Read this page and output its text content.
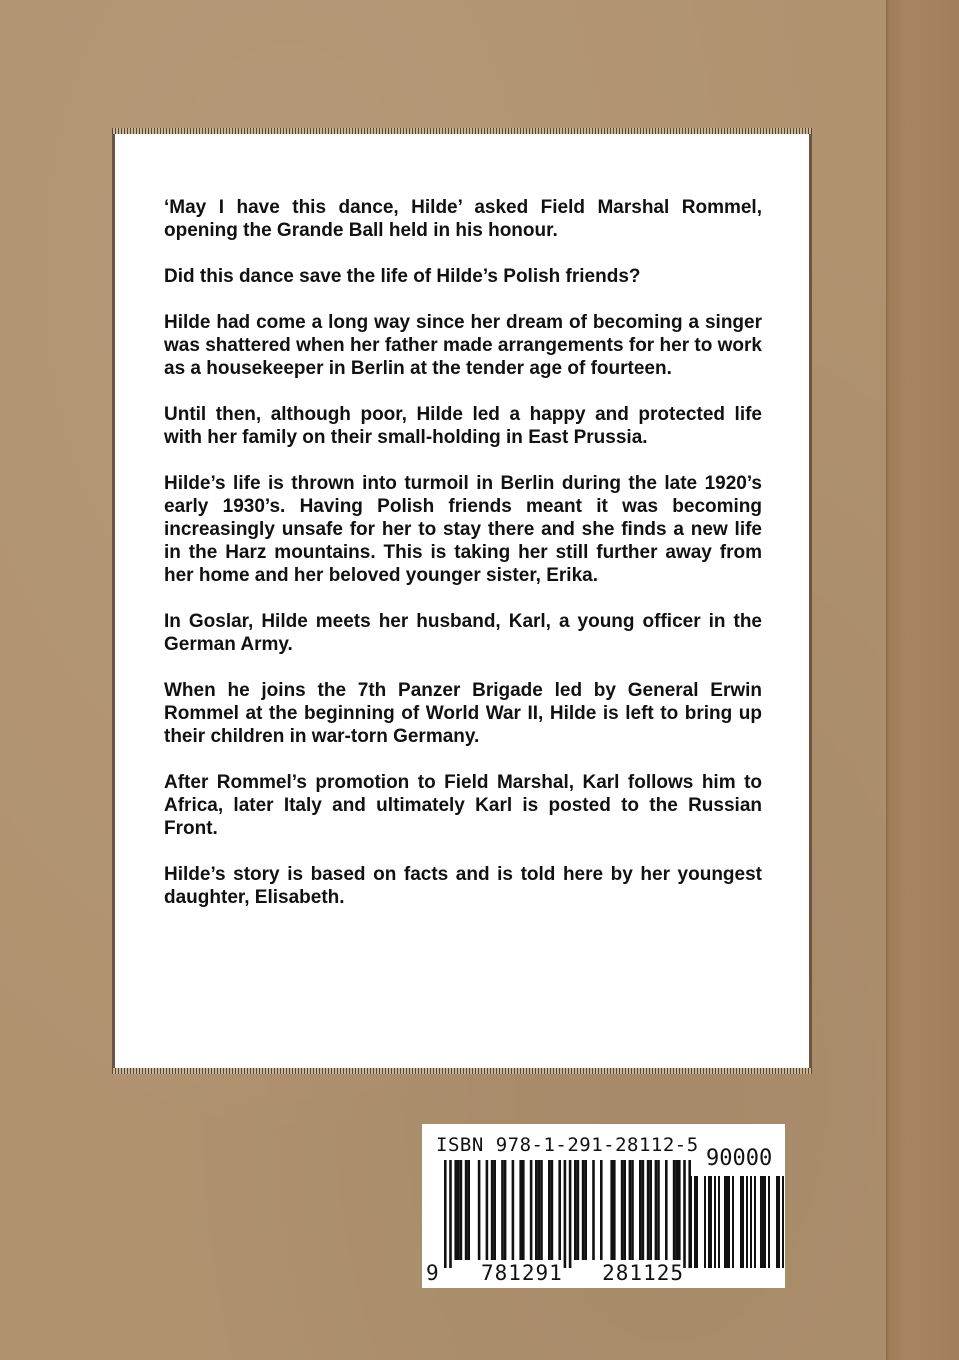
‘May I have this dance, Hilde’ asked Field Marshal Rommel, opening the Grande Ball held in his honour.

Did this dance save the life of Hilde’s Polish friends?

Hilde had come a long way since her dream of becoming a singer was shattered when her father made arrangements for her to work as a housekeeper in Berlin at the tender age of fourteen.

Until then, although poor, Hilde led a happy and protected life with her family on their small-holding in East Prussia.

Hilde’s life is thrown into turmoil in Berlin during the late 1920’s early 1930’s. Having Polish friends meant it was becoming increasingly unsafe for her to stay there and she finds a new life in the Harz mountains. This is taking her still further away from her home and her beloved younger sister, Erika.

In Goslar, Hilde meets her husband, Karl, a young officer in the German Army.

When he joins the 7th Panzer Brigade led by General Erwin Rommel at the beginning of World War II, Hilde is left to bring up their children in war-torn Germany.

After Rommel’s promotion to Field Marshal, Karl follows him to Africa, later Italy and ultimately Karl is posted to the Russian Front.

Hilde’s story is based on facts and is told here by her youngest daughter, Elisabeth.

ISBN 978-1-291-28112-5
90000
9 781291 281125
